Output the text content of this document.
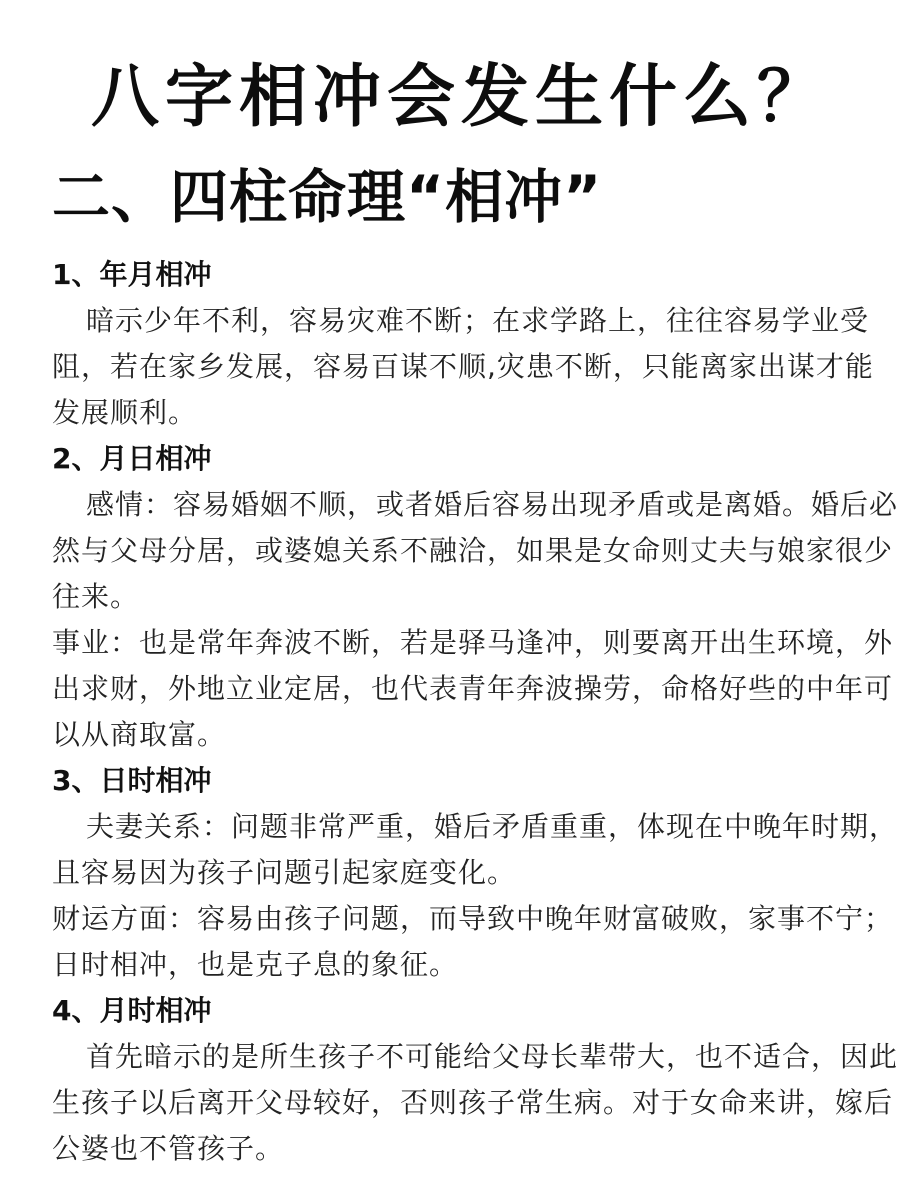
八字相冲会发生什么？
二、四柱命理“相冲”

1、年月相冲

暗示少年不利，容易灾难不断；在求学路上，往往容易学业受阻，若在家乡发展，容易百谋不顺,灾患不断，只能离家出谋才能发展顺利。

2、月日相冲

感情：容易婚姻不顺，或者婚后容易出现矛盾或是离婚。婚后必然与父母分居，或婆媳关系不融洽，如果是女命则丈夫与娘家很少往来。

事业：也是常年奔波不断，若是驿马逢冲，则要离开出生环境，外出求财，外地立业定居，也代表青年奔波操劳，命格好些的中年可以从商取富。

3、日时相冲

夫妻关系：问题非常严重，婚后矛盾重重，体现在中晚年时期，且容易因为孩子问题引起家庭变化。

财运方面：容易由孩子问题，而导致中晚年财富破败，家事不宁；日时相冲，也是克子息的象征。

4、月时相冲

首先暗示的是所生孩子不可能给父母长辈带大，也不适合，因此生孩子以后离开父母较好，否则孩子常生病。对于女命来讲，嫁后公婆也不管孩子。
